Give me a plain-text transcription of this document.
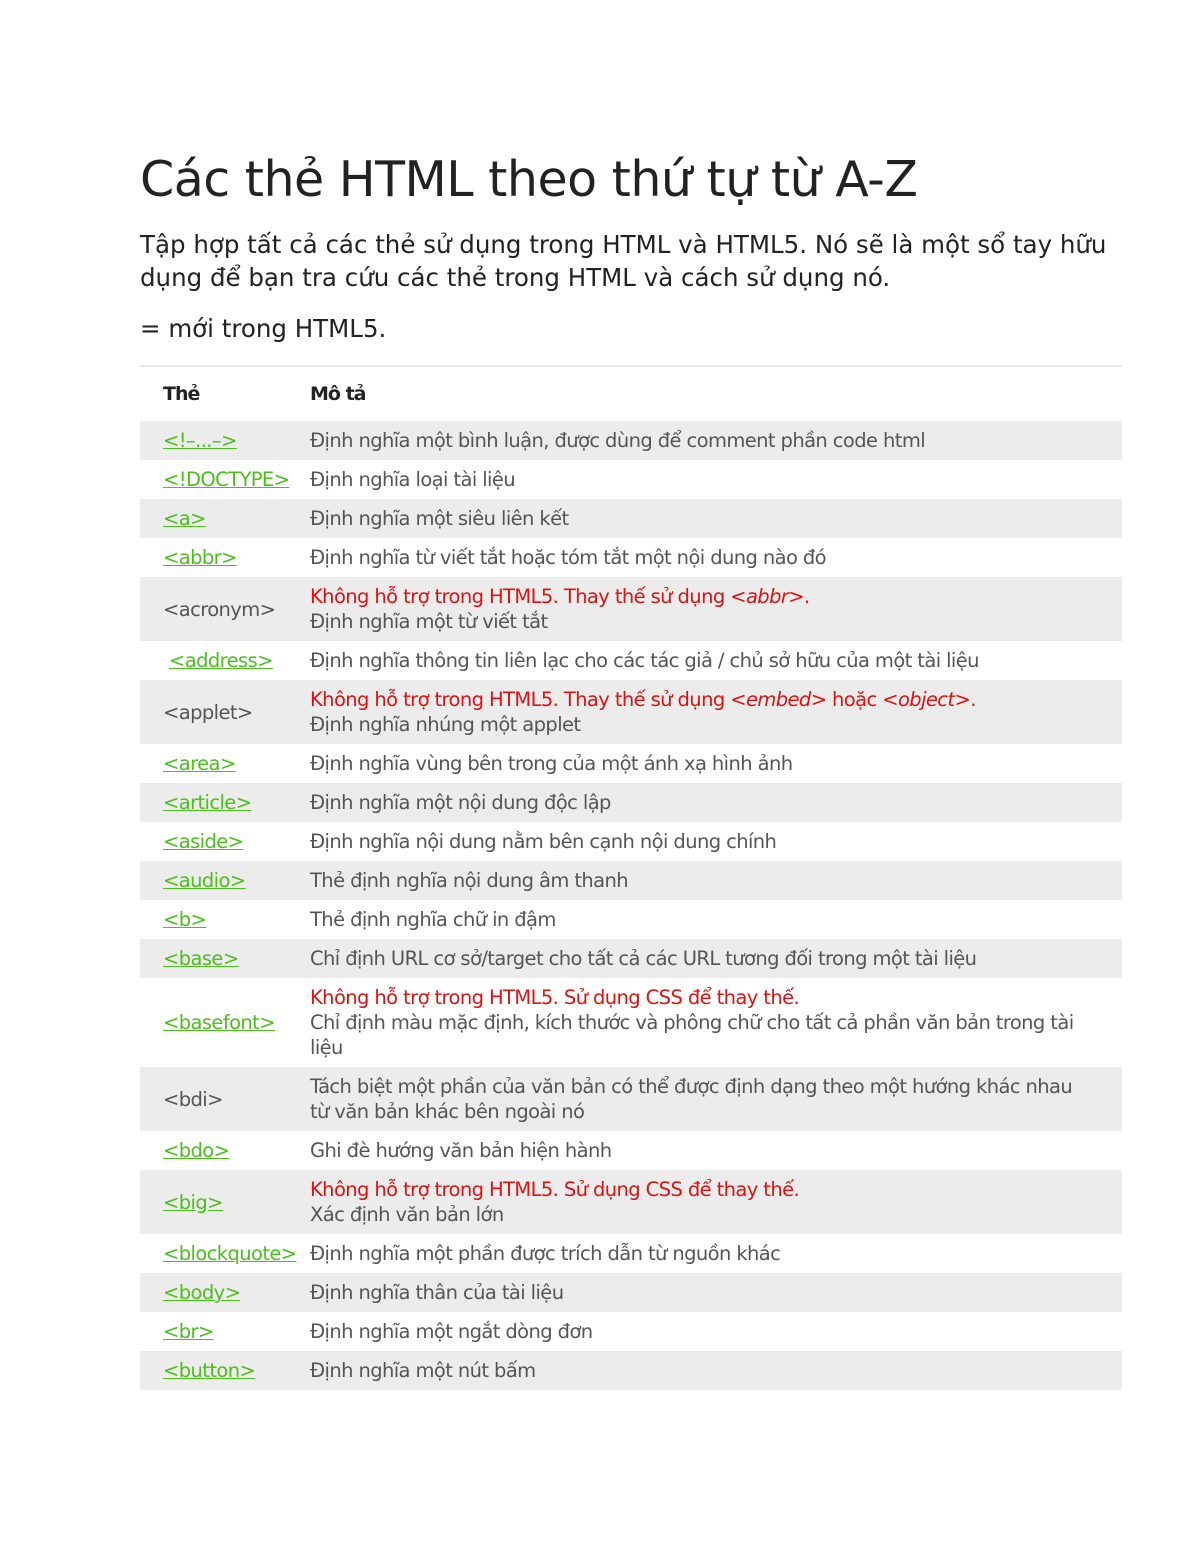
Các thẻ HTML theo thứ tự từ A-Z

Tập hợp tất cả các thẻ sử dụng trong HTML và HTML5. Nó sẽ là một sổ tay hữu dụng để bạn tra cứu các thẻ trong HTML và cách sử dụng nó.

= mới trong HTML5.

Thẻ	Mô tả
<!–...–>	Định nghĩa một bình luận, được dùng để comment phần code html
<!DOCTYPE>	Định nghĩa loại tài liệu
<a>	Định nghĩa một siêu liên kết
<abbr>	Định nghĩa từ viết tắt hoặc tóm tắt một nội dung nào đó
<acronym>	Không hỗ trợ trong HTML5. Thay thế sử dụng <abbr>.
Định nghĩa một từ viết tắt

<address>	Định nghĩa thông tin liên lạc cho các tác giả / chủ sở hữu của một tài liệu
<applet>	Không hỗ trợ trong HTML5. Thay thế sử dụng <embed> hoặc <object>.
Định nghĩa nhúng một applet

<area>	Định nghĩa vùng bên trong của một ánh xạ hình ảnh
<article>	Định nghĩa một nội dung độc lập
<aside>	Định nghĩa nội dung nằm bên cạnh nội dung chính
<audio>	Thẻ định nghĩa nội dung âm thanh
<b>	Thẻ định nghĩa chữ in đậm
<base>	Chỉ định URL cơ sở/target cho tất cả các URL tương đối trong một tài liệu
<basefont>	Không hỗ trợ trong HTML5. Sử dụng CSS để thay thế.
Chỉ định màu mặc định, kích thước và phông chữ cho tất cả phần văn bản trong tài liệu

<bdi>	Tách biệt một phần của văn bản có thể được định dạng theo một hướng khác nhau từ văn bản khác bên ngoài nó
<bdo>	Ghi đè hướng văn bản hiện hành
<big>	Không hỗ trợ trong HTML5. Sử dụng CSS để thay thế.
Xác định văn bản lớn

<blockquote>	Định nghĩa một phần được trích dẫn từ nguồn khác
<body>	Định nghĩa thân của tài liệu
<br>	Định nghĩa một ngắt dòng đơn
<button>	Định nghĩa một nút bấm
